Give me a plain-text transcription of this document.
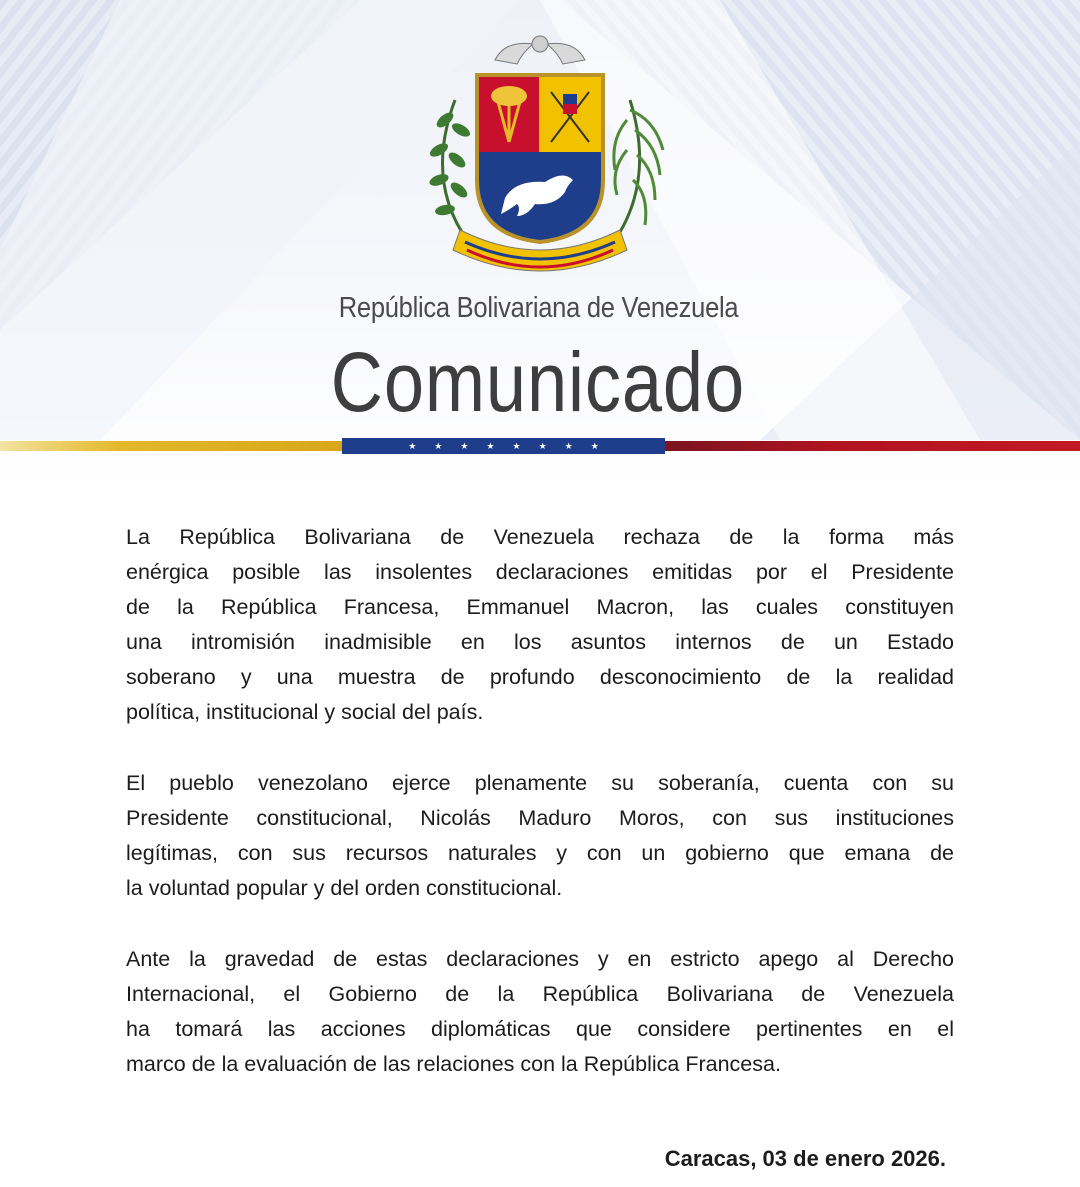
República Bolivariana de Venezuela
Comunicado
★ ★ ★ ★ ★ ★ ★ ★

La República Bolivariana de Venezuela rechaza de la forma más
enérgica posible las insolentes declaraciones emitidas por el Presidente
de la República Francesa, Emmanuel Macron, las cuales constituyen
una intromisión inadmisible en los asuntos internos de un Estado
soberano y una muestra de profundo desconocimiento de la realidad
política, institucional y social del país.

El pueblo venezolano ejerce plenamente su soberanía, cuenta con su
Presidente constitucional, Nicolás Maduro Moros, con sus instituciones
legítimas, con sus recursos naturales y con un gobierno que emana de
la voluntad popular y del orden constitucional.

Ante la gravedad de estas declaraciones y en estricto apego al Derecho
Internacional, el Gobierno de la República Bolivariana de Venezuela
ha tomará las acciones diplomáticas que considere pertinentes en el
marco de la evaluación de las relaciones con la República Francesa.

Caracas, 03 de enero 2026.
